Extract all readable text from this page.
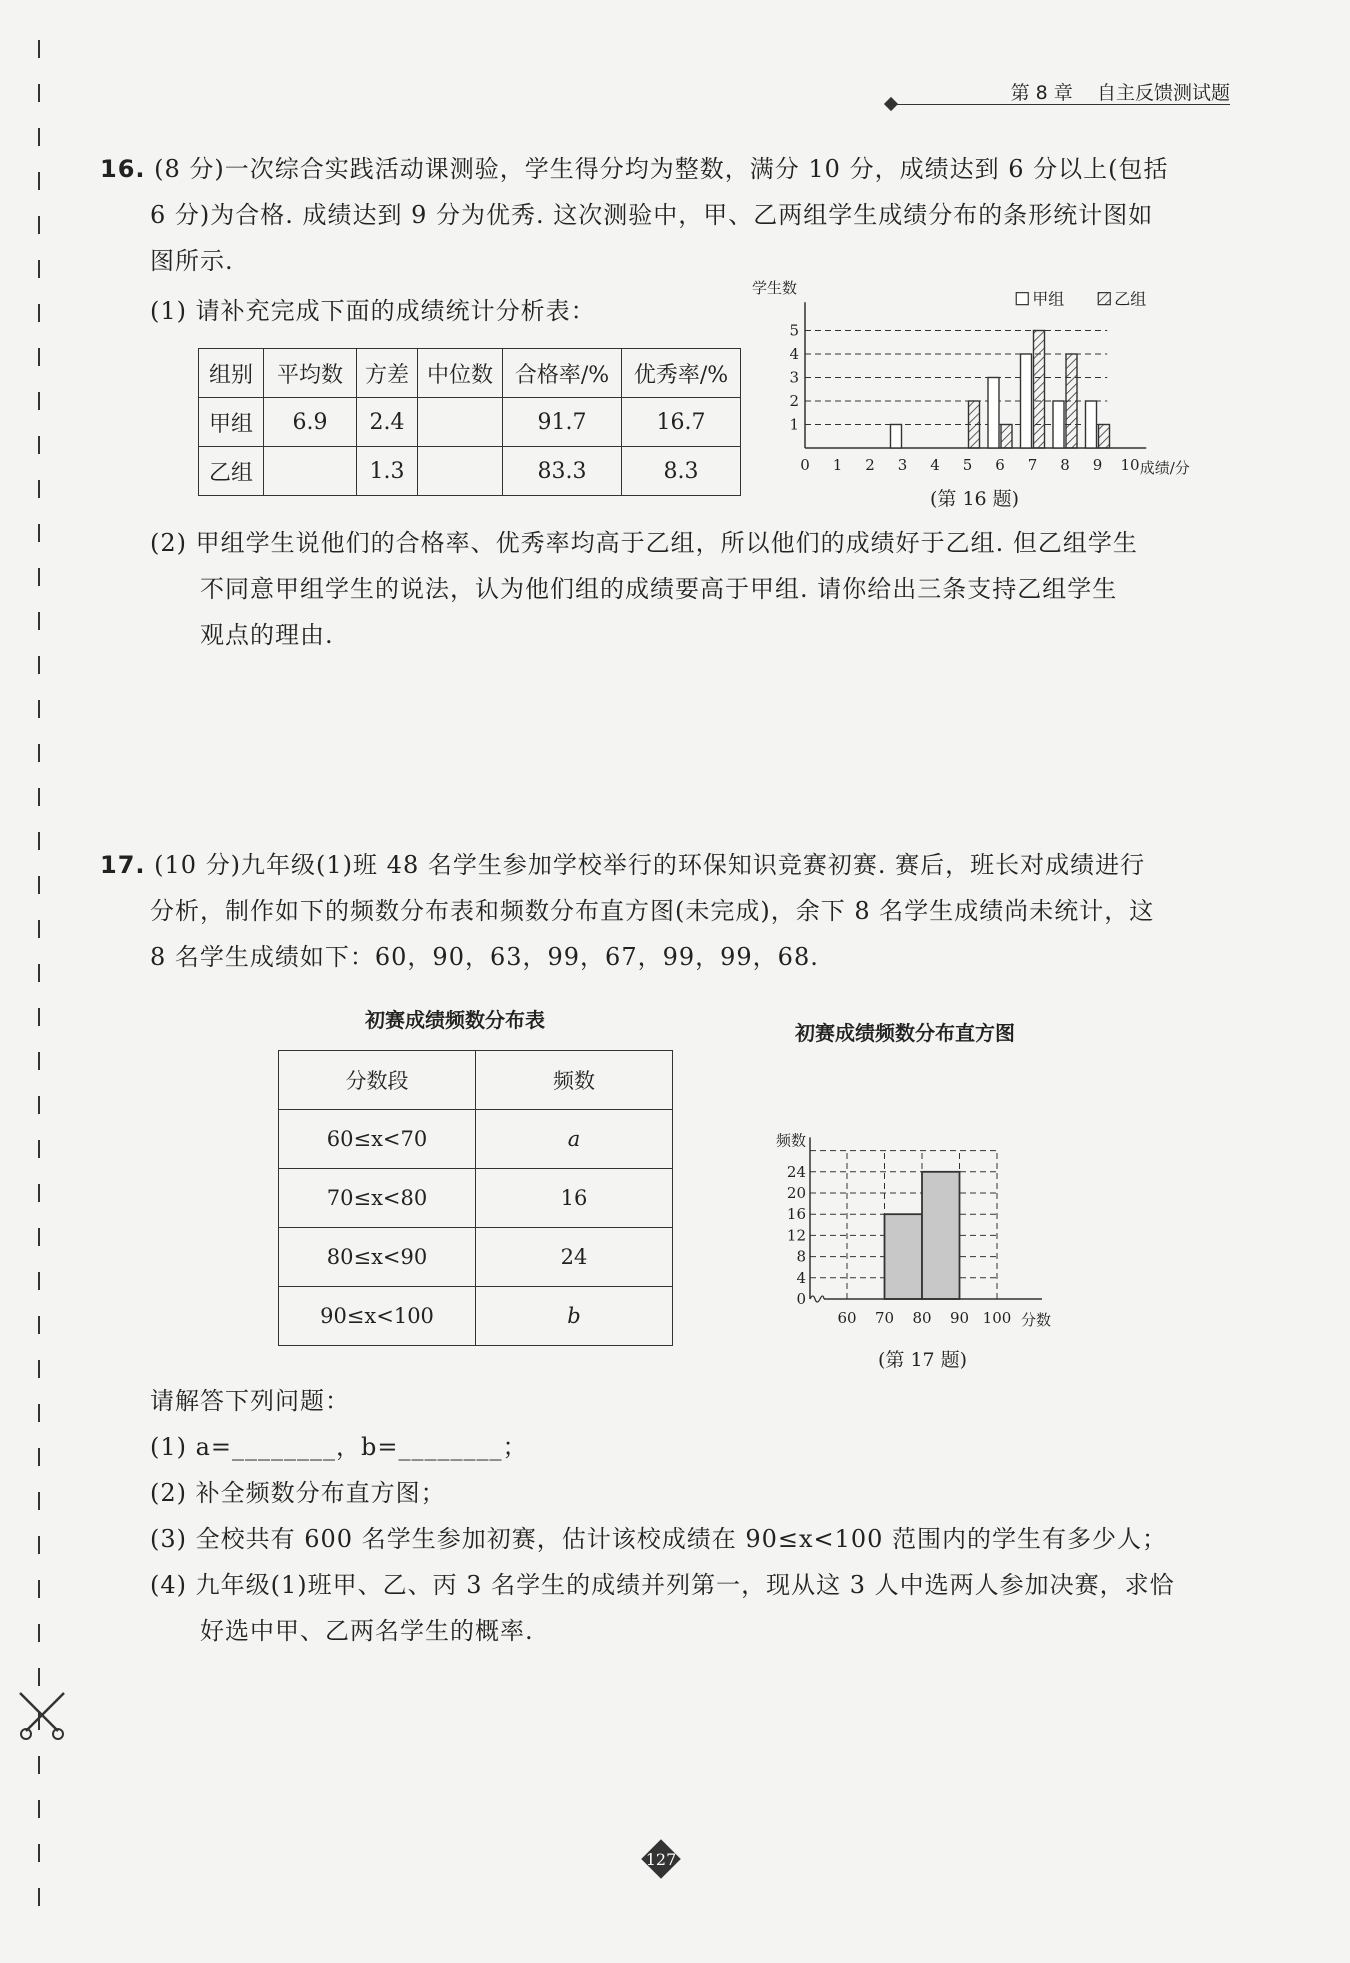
第 8 章 自主反馈测试题
16. (8 分)一次综合实践活动课测验，学生得分均为整数，满分 10 分，成绩达到 6 分以上(包括
6 分)为合格. 成绩达到 9 分为优秀. 这次测验中，甲、乙两组学生成绩分布的条形统计图如
图所示.
(1) 请补充完成下面的成绩统计分析表：
组别	平均数	方差	中位数	合格率/%	优秀率/%
甲组	6.9	2.4		91.7	16.7
乙组		1.3		83.3	8.3
1
2
3
4
5
0 1 2 3 4 5 6 7 8 9 10
学生数
成绩/分
甲组	乙组
(第 16 题)
(2) 甲组学生说他们的合格率、优秀率均高于乙组，所以他们的成绩好于乙组. 但乙组学生
不同意甲组学生的说法，认为他们组的成绩要高于甲组. 请你给出三条支持乙组学生
观点的理由.
17. (10 分)九年级(1)班 48 名学生参加学校举行的环保知识竞赛初赛. 赛后，班长对成绩进行
分析，制作如下的频数分布表和频数分布直方图(未完成)，余下 8 名学生成绩尚未统计，这
8 名学生成绩如下：60，90，63，99，67，99，99，68.
初赛成绩频数分布表
分数段	频数
60≤x<70	a
70≤x<80	16
80≤x<90	24
90≤x<100	b
初赛成绩频数分布直方图
0
4
8
12
16
20
24
60 70 80 90 100
频数
分数
(第 17 题)
请解答下列问题：
(1) a=________，b=________；
(2) 补全频数分布直方图；
(3) 全校共有 600 名学生参加初赛，估计该校成绩在 90≤x<100 范围内的学生有多少人；
(4) 九年级(1)班甲、乙、丙 3 名学生的成绩并列第一，现从这 3 人中选两人参加决赛，求恰
好选中甲、乙两名学生的概率.
127
